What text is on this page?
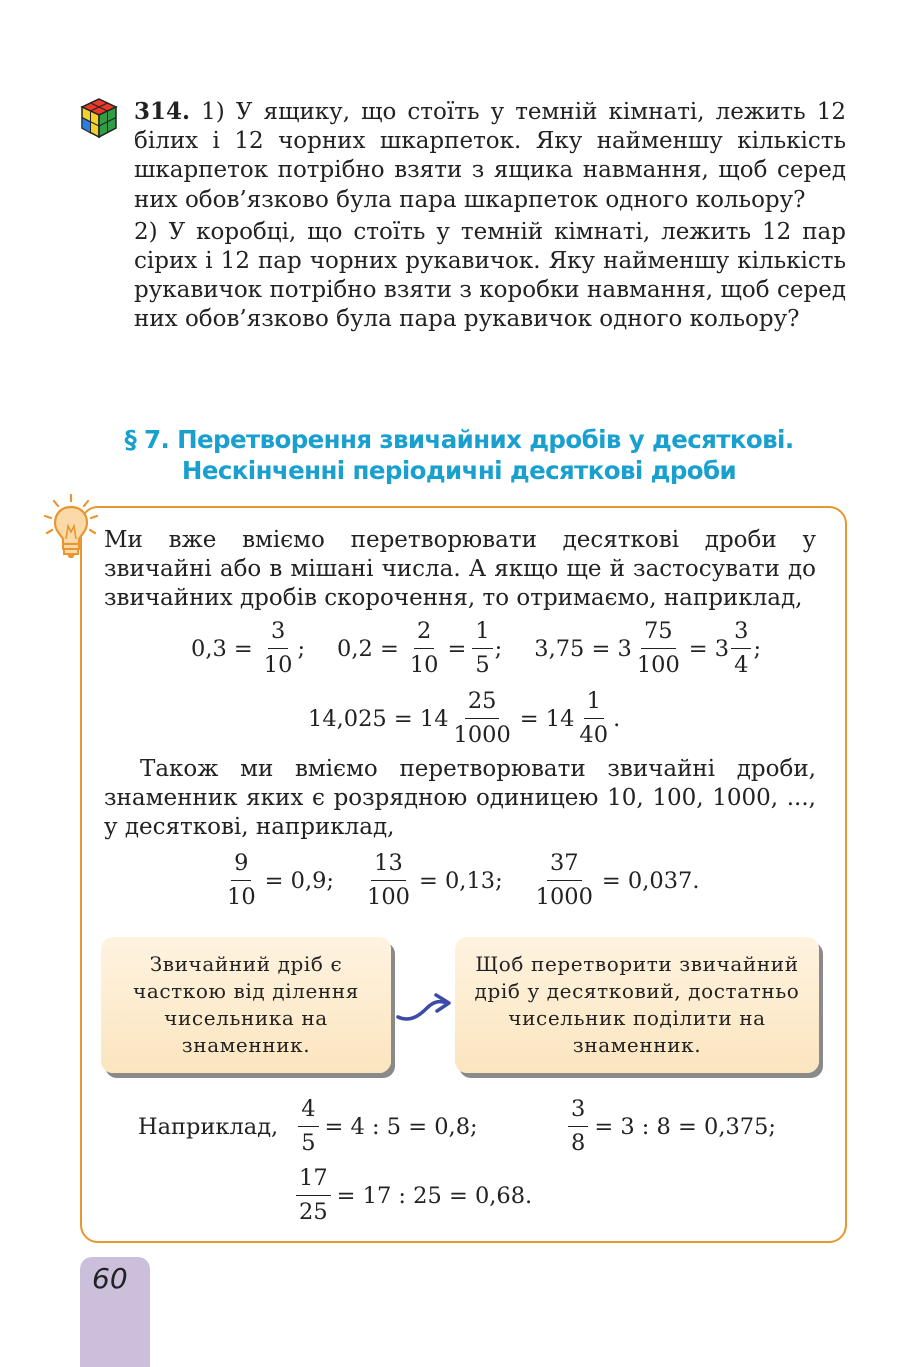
314. 1) У ящику, що стоїть у темній кімнаті, лежить 12 білих і 12 чорних шкарпеток. Яку найменшу кількість шкарпеток потрібно взяти з ящика навмання, щоб серед них обов’язково була пара шкарпеток одного кольору?

2) У коробці, що стоїть у темній кімнаті, лежить 12 пар сірих і 12 пар чорних рукавичок. Яку найменшу кількість рукавичок потрібно взяти з коробки навмання, щоб серед них обов’язково була пара рукавичок одного кольору?

§ 7. Перетворення звичайних дробів у десяткові.
Нескінченні періодичні десяткові дроби
Ми вже вміємо перетворювати десяткові дроби у звичайні або в мішані числа. А якщо ще й застосувати до звичайних дробів скорочення, то отримаємо, наприклад,
$0,3 = \frac{3}{10}$ ; $0,2 = \frac{2}{10} = \frac{1}{5}$ ; $3,75 = 3 \frac{75}{100} = 3 \frac{3}{4}$ ;
$14,025 = 14 \frac{25}{1000} = 14 \frac{1}{40}$ .
Також ми вміємо перетворювати звичайні дроби, знаменник яких є розрядною одиницею 10, 100, 1000, ..., у десяткові, наприклад,
$\frac{9}{10} = 0,9$; $\frac{13}{100} = 0,13$; $\frac{37}{1000} = 0,037$.
Звичайний дріб є часткою від ділення чисельника на знаменник.
Щоб перетворити звичайний дріб у десятковий, достатньо чисельник поділити на знаменник.
Наприклад, $\frac{4}{5} = 4$ : 5 = 0,8;	$\frac{3}{8} = 3$ : 8 = 0,375;
$\frac{17}{25} = 17$ : 25 = 0,68.
60
